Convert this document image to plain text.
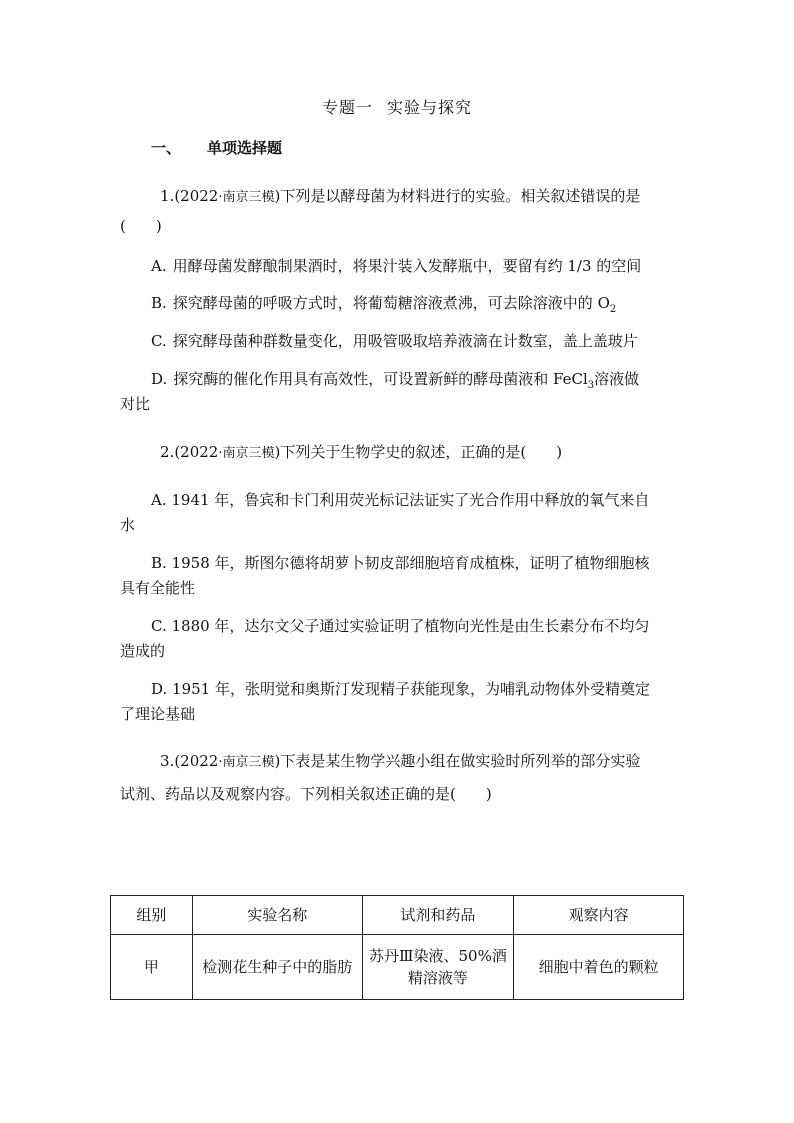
专题一 实验与探究
一、 单项选择题
1.(2022·南京三模)下列是以酵母菌为材料进行的实验。相关叙述错误的是
(　　)
A. 用酵母菌发酵酿制果酒时，将果汁装入发酵瓶中，要留有约 1/3 的空间
B. 探究酵母菌的呼吸方式时，将葡萄糖溶液煮沸，可去除溶液中的 $O_2$
C. 探究酵母菌种群数量变化，用吸管吸取培养液滴在计数室，盖上盖玻片
D. 探究酶的催化作用具有高效性，可设置新鲜的酵母菌液和 FeCl$_3$溶液做
对比
2.(2022·南京三模)下列关于生物学史的叙述，正确的是(　　)
A. 1941 年，鲁宾和卡门利用荧光标记法证实了光合作用中释放的氧气来自
水
B. 1958 年，斯图尔德将胡萝卜韧皮部细胞培育成植株，证明了植物细胞核
具有全能性
C. 1880 年，达尔文父子通过实验证明了植物向光性是由生长素分布不均匀
造成的
D. 1951 年，张明觉和奥斯汀发现精子获能现象，为哺乳动物体外受精奠定
了理论基础
3.(2022·南京三模)下表是某生物学兴趣小组在做实验时所列举的部分实验
试剂、药品以及观察内容。下列相关叙述正确的是(　　)
组别	实验名称	试剂和药品	观察内容
甲	检测花生种子中的脂肪	苏丹Ⅲ染液、50%酒精溶液等	细胞中着色的颗粒
